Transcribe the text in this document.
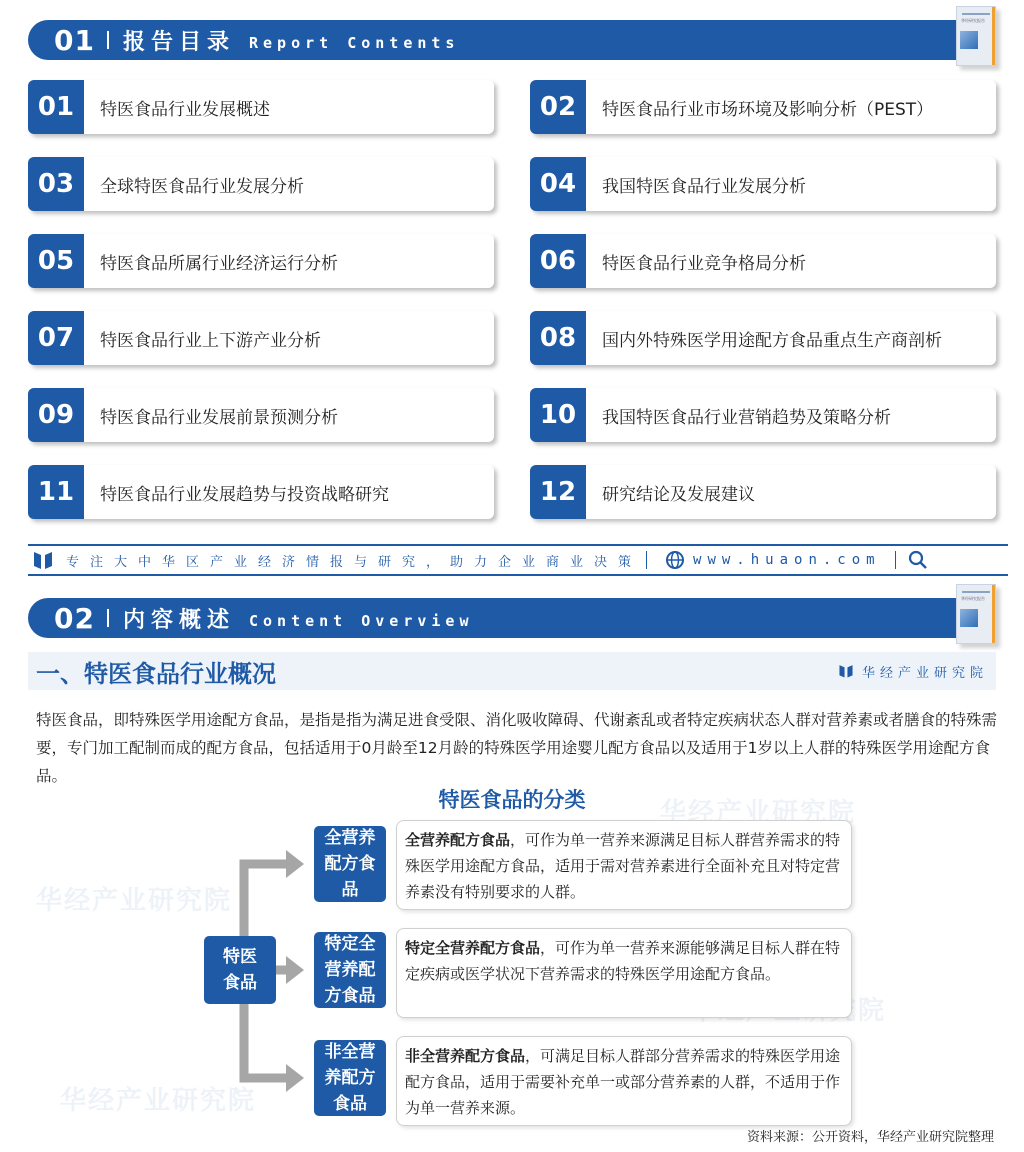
01 报告目录 Report Contents
华经研究报告
01	特医食品行业发展概述	02	特医食品行业市场环境及影响分析（PEST）
03	全球特医食品行业发展分析	04	我国特医食品行业发展分析
05	特医食品所属行业经济运行分析	06	特医食品行业竞争格局分析
07	特医食品行业上下游产业分析	08	国内外特殊医学用途配方食品重点生产商剖析
09	特医食品行业发展前景预测分析	10	我国特医食品行业营销趋势及策略分析
11	特医食品行业发展趋势与投资战略研究	12	研究结论及发展建议
专注大中华区产业经济情报与研究，助力企业商业决策	www.huaon.com
02 内容概述 Content Overview
华经研究报告
华经产业研究院
华经产业研究院
华经产业研究院
一、特医食品行业概况	华经产业研究院

特医食品，即特殊医学用途配方食品，是指是指为满足进食受限、消化吸收障碍、代谢紊乱或者特定疾病状态人群对营养素或者膳食的特殊需要，专门加工配制而成的配方食品，包括适用于0月龄至12月龄的特殊医学用途婴儿配方食品以及适用于1岁以上人群的特殊医学用途配方食品。

特医食品的分类
特医
食品
全营养
配方食
品
全营养配方食品，可作为单一营养来源满足目标人群营养需求的特殊医学用途配方食品，适用于需对营养素进行全面补充且对特定营养素没有特别要求的人群。
特定全
营养配
方食品
特定全营养配方食品，可作为单一营养来源能够满足目标人群在特定疾病或医学状况下营养需求的特殊医学用途配方食品。
非全营
养配方
食品
非全营养配方食品，可满足目标人群部分营养需求的特殊医学用途配方食品，适用于需要补充单一或部分营养素的人群，不适用于作为单一营养来源。
资料来源：公开资料，华经产业研究院整理
